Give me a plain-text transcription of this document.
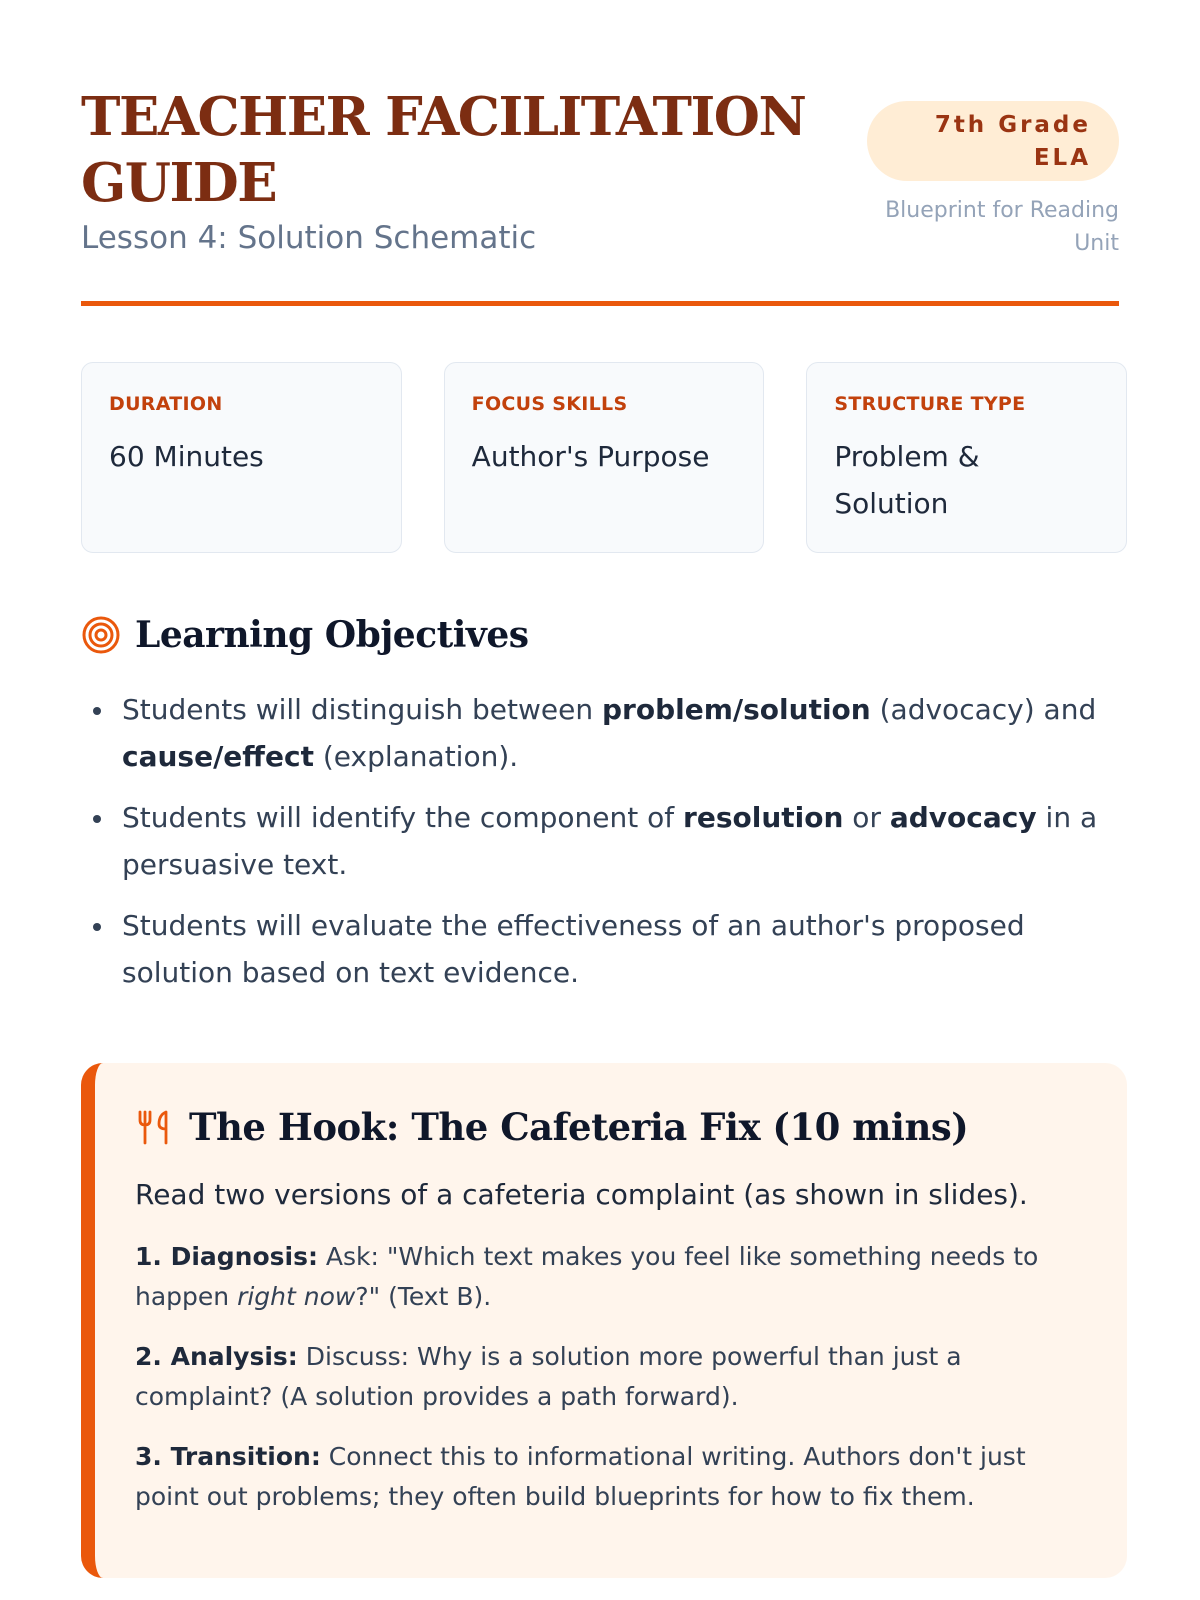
TEACHER FACILITATION GUIDE
Lesson 4: Solution Schematic
7th Grade ELA
Blueprint for Reading Unit
DURATION
60 Minutes
FOCUS SKILLS
Author's Purpose
STRUCTURE TYPE
Problem & Solution
Learning Objectives
Students will distinguish between problem/solution (advocacy) and cause/effect (explanation).
Students will identify the component of resolution or advocacy in a persuasive text.
Students will evaluate the effectiveness of an author's proposed solution based on text evidence.
The Hook: The Cafeteria Fix (10 mins)

Read two versions of a cafeteria complaint (as shown in slides).

1. Diagnosis: Ask: "Which text makes you feel like something needs to happen right now?" (Text B).

2. Analysis: Discuss: Why is a solution more powerful than just a complaint? (A solution provides a path forward).

3. Transition: Connect this to informational writing. Authors don't just point out problems; they often build blueprints for how to fix them.
